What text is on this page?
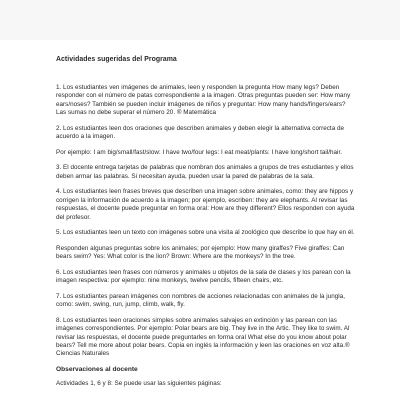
Actividades sugeridas del Programa

1. Los estudiantes ven imágenes de animales, leen y responden la pregunta How many legs? Deben responder con el número de patas correspondiente a la imagen. Otras preguntas pueden ser: How many ears/noses? También se pueden incluir imágenes de niños y preguntar: How many hands/fingers/ears? Las sumas no debe superar el número 20. ® Matemática

2. Los estudiantes leen dos oraciones que describen animales y deben elegir la alternativa correcta de acuerdo a la imagen.

Por ejemplo: I am big/small/fast/slow: I have two/four legs: I eat meat/plants: I have long/short tail/hair.

3. El docente entrega tarjetas de palabras que nombran dos animales a grupos de tres estudiantes y ellos deben armar las palabras. Si necesitan ayuda, pueden usar la pared de palabras de la sala.

4. Los estudiantes leen frases breves que describen una imagen sobre animales, como: they are hippos y corrigen la información de acuerdo a la imagen; por ejemplo, escriben: they are elephants. Al revisar las respuestas, el docente puede preguntar en forma oral: How are they different? Ellos responden con ayuda del profesor.

5. Los estudiantes leen un texto con imágenes sobre una visita al zoológico que describe lo que hay en él.

Responden algunas preguntas sobre los animales; por ejemplo: How many giraffes? Five giraffes: Can bears swim? Yes: What color is the lion? Brown: Where are the monkeys? In the tree.

6. Los estudiantes leen frases con números y animales u objetos de la sala de clases y los parean con la imagen respectiva: por ejemplo: nine monkeys, twelve pencils, fifteen chairs, etc.

7. Los estudiantes parean imágenes con nombres de acciones relacionadas con animales de la jungla, como: swim, swing, run, jump, climb, walk, fly.

8. Los estudiantes leen oraciones simples sobre animales salvajes en extinción y las parean con las imágenes correspondientes. Por ejemplo: Polar bears are big. They live in the Artic. They like to swim. Al revisar las respuestas, el docente puede preguntarles en forma oral What else do you know about polar bears? Tell me more about polar bears. Copia en inglés la información y leen las oraciones en voz alta.® Ciencias Naturales

Observaciones al docente

Actividades 1, 6 y 8: Se puede usar las siguientes páginas:
